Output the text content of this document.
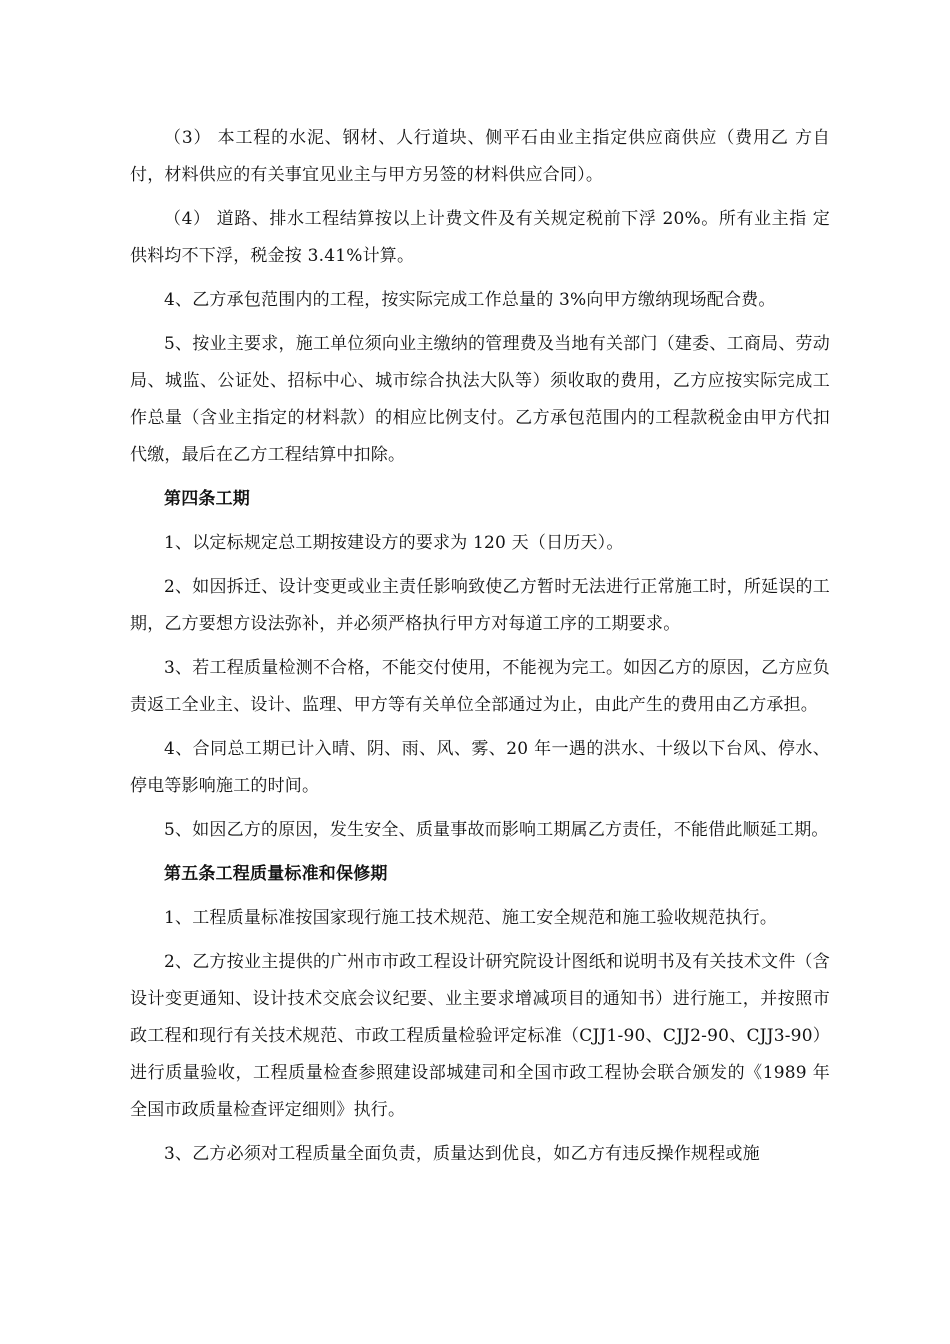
（3） 本工程的水泥、钢材、人行道块、侧平石由业主指定供应商供应（费用乙 方自付，材料供应的有关事宜见业主与甲方另签的材料供应合同）。

（4） 道路、排水工程结算按以上计费文件及有关规定税前下浮 20%。所有业主指 定供料均不下浮，税金按 3.41%计算。

4、乙方承包范围内的工程，按实际完成工作总量的 3%向甲方缴纳现场配合费。

5、按业主要求，施工单位须向业主缴纳的管理费及当地有关部门（建委、工商局、劳动局、城监、公证处、招标中心、城市综合执法大队等）须收取的费用，乙方应按实际完成工作总量（含业主指定的材料款）的相应比例支付。乙方承包范围内的工程款税金由甲方代扣代缴，最后在乙方工程结算中扣除。

第四条工期

1、以定标规定总工期按建设方的要求为 120 天（日历天）。

2、如因拆迁、设计变更或业主责任影响致使乙方暂时无法进行正常施工时，所延误的工期，乙方要想方设法弥补，并必须严格执行甲方对每道工序的工期要求。

3、若工程质量检测不合格，不能交付使用，不能视为完工。如因乙方的原因，乙方应负责返工全业主、设计、监理、甲方等有关单位全部通过为止，由此产生的费用由乙方承担。

4、合同总工期已计入晴、阴、雨、风、雾、20 年一遇的洪水、十级以下台风、停水、停电等影响施工的时间。

5、如因乙方的原因，发生安全、质量事故而影响工期属乙方责任，不能借此顺延工期。

第五条工程质量标准和保修期

1、工程质量标准按国家现行施工技术规范、施工安全规范和施工验收规范执行。

2、乙方按业主提供的广州市市政工程设计研究院设计图纸和说明书及有关技术文件（含设计变更通知、设计技术交底会议纪要、业主要求增减项目的通知书）进行施工，并按照市政工程和现行有关技术规范、市政工程质量检验评定标准（CJJ1-90、CJJ2-90、CJJ3-90）进行质量验收，工程质量检查参照建设部城建司和全国市政工程协会联合颁发的《1989 年全国市政质量检查评定细则》执行。

3、乙方必须对工程质量全面负责，质量达到优良，如乙方有违反操作规程或施
